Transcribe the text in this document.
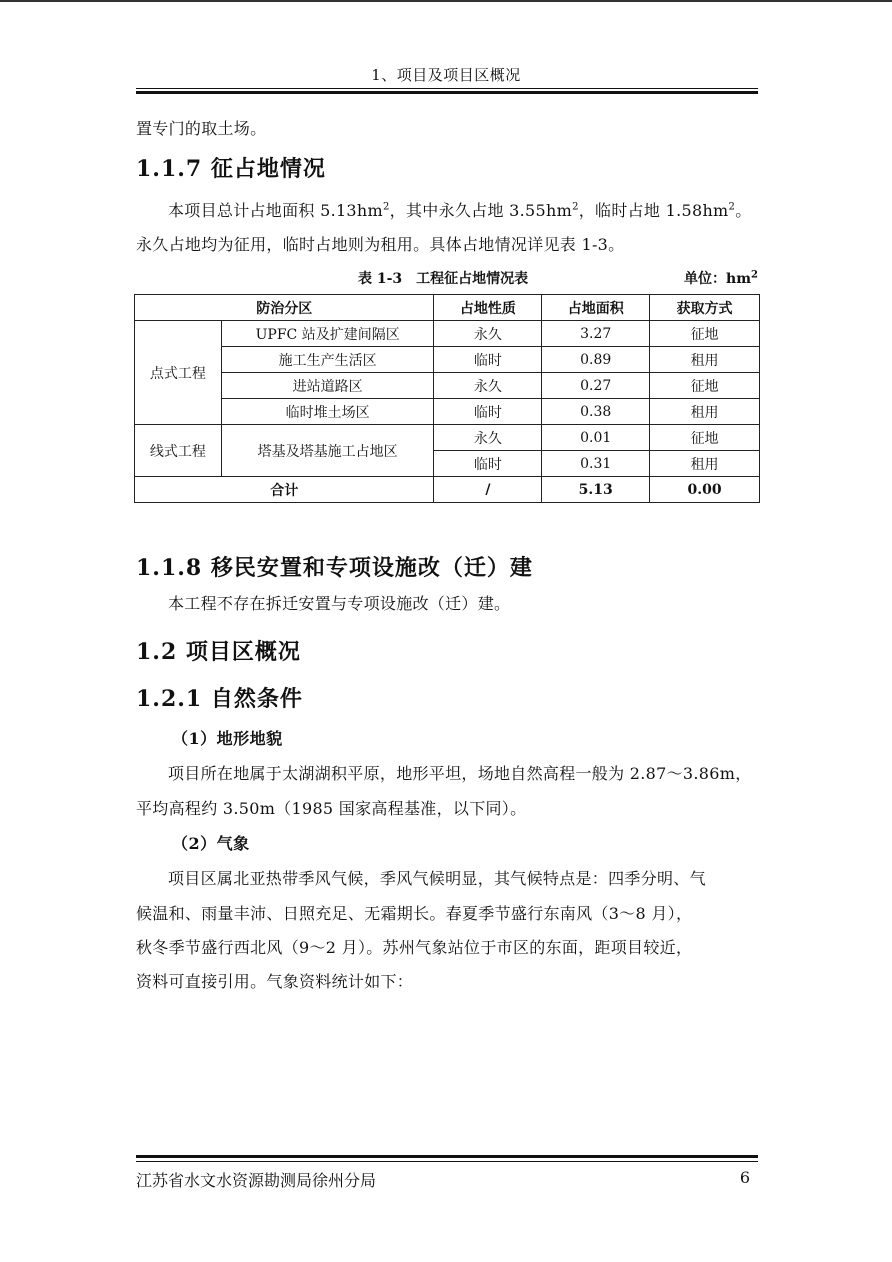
1、项目及项目区概况
置专门的取土场。
1.1.7 征占地情况
本项目总计占地面积 $5.13hm^2$，其中永久占地 $3.55hm^2$，临时占地 $1.58hm^2$。
永久占地均为征用，临时占地则为租用。具体占地情况详见表 1-3。
表 1-3　工程征占地情况表	单位：$hm^2$
防治分区		占地性质	占地面积	获取方式
点式工程	UPFC 站及扩建间隔区	永久	3.27	征地
	施工生产生活区	临时	0.89	租用
	进站道路区	永久	0.27	征地
	临时堆土场区	临时	0.38	租用
线式工程	塔基及塔基施工占地区	永久	0.01	征地
		临时	0.31	租用
合计		/	5.13	0.00
1.1.8 移民安置和专项设施改（迁）建
本工程不存在拆迁安置与专项设施改（迁）建。
1.2 项目区概况
1.2.1 自然条件
（1）地形地貌
项目所在地属于太湖湖积平原，地形平坦，场地自然高程一般为 2.87～3.86m，
平均高程约 3.50m（1985 国家高程基准，以下同）。
（2）气象
项目区属北亚热带季风气候，季风气候明显，其气候特点是：四季分明、气
候温和、雨量丰沛、日照充足、无霜期长。春夏季节盛行东南风（3～8 月），
秋冬季节盛行西北风（9～2 月）。苏州气象站位于市区的东面，距项目较近，
资料可直接引用。气象资料统计如下：
江苏省水文水资源勘测局徐州分局	6
